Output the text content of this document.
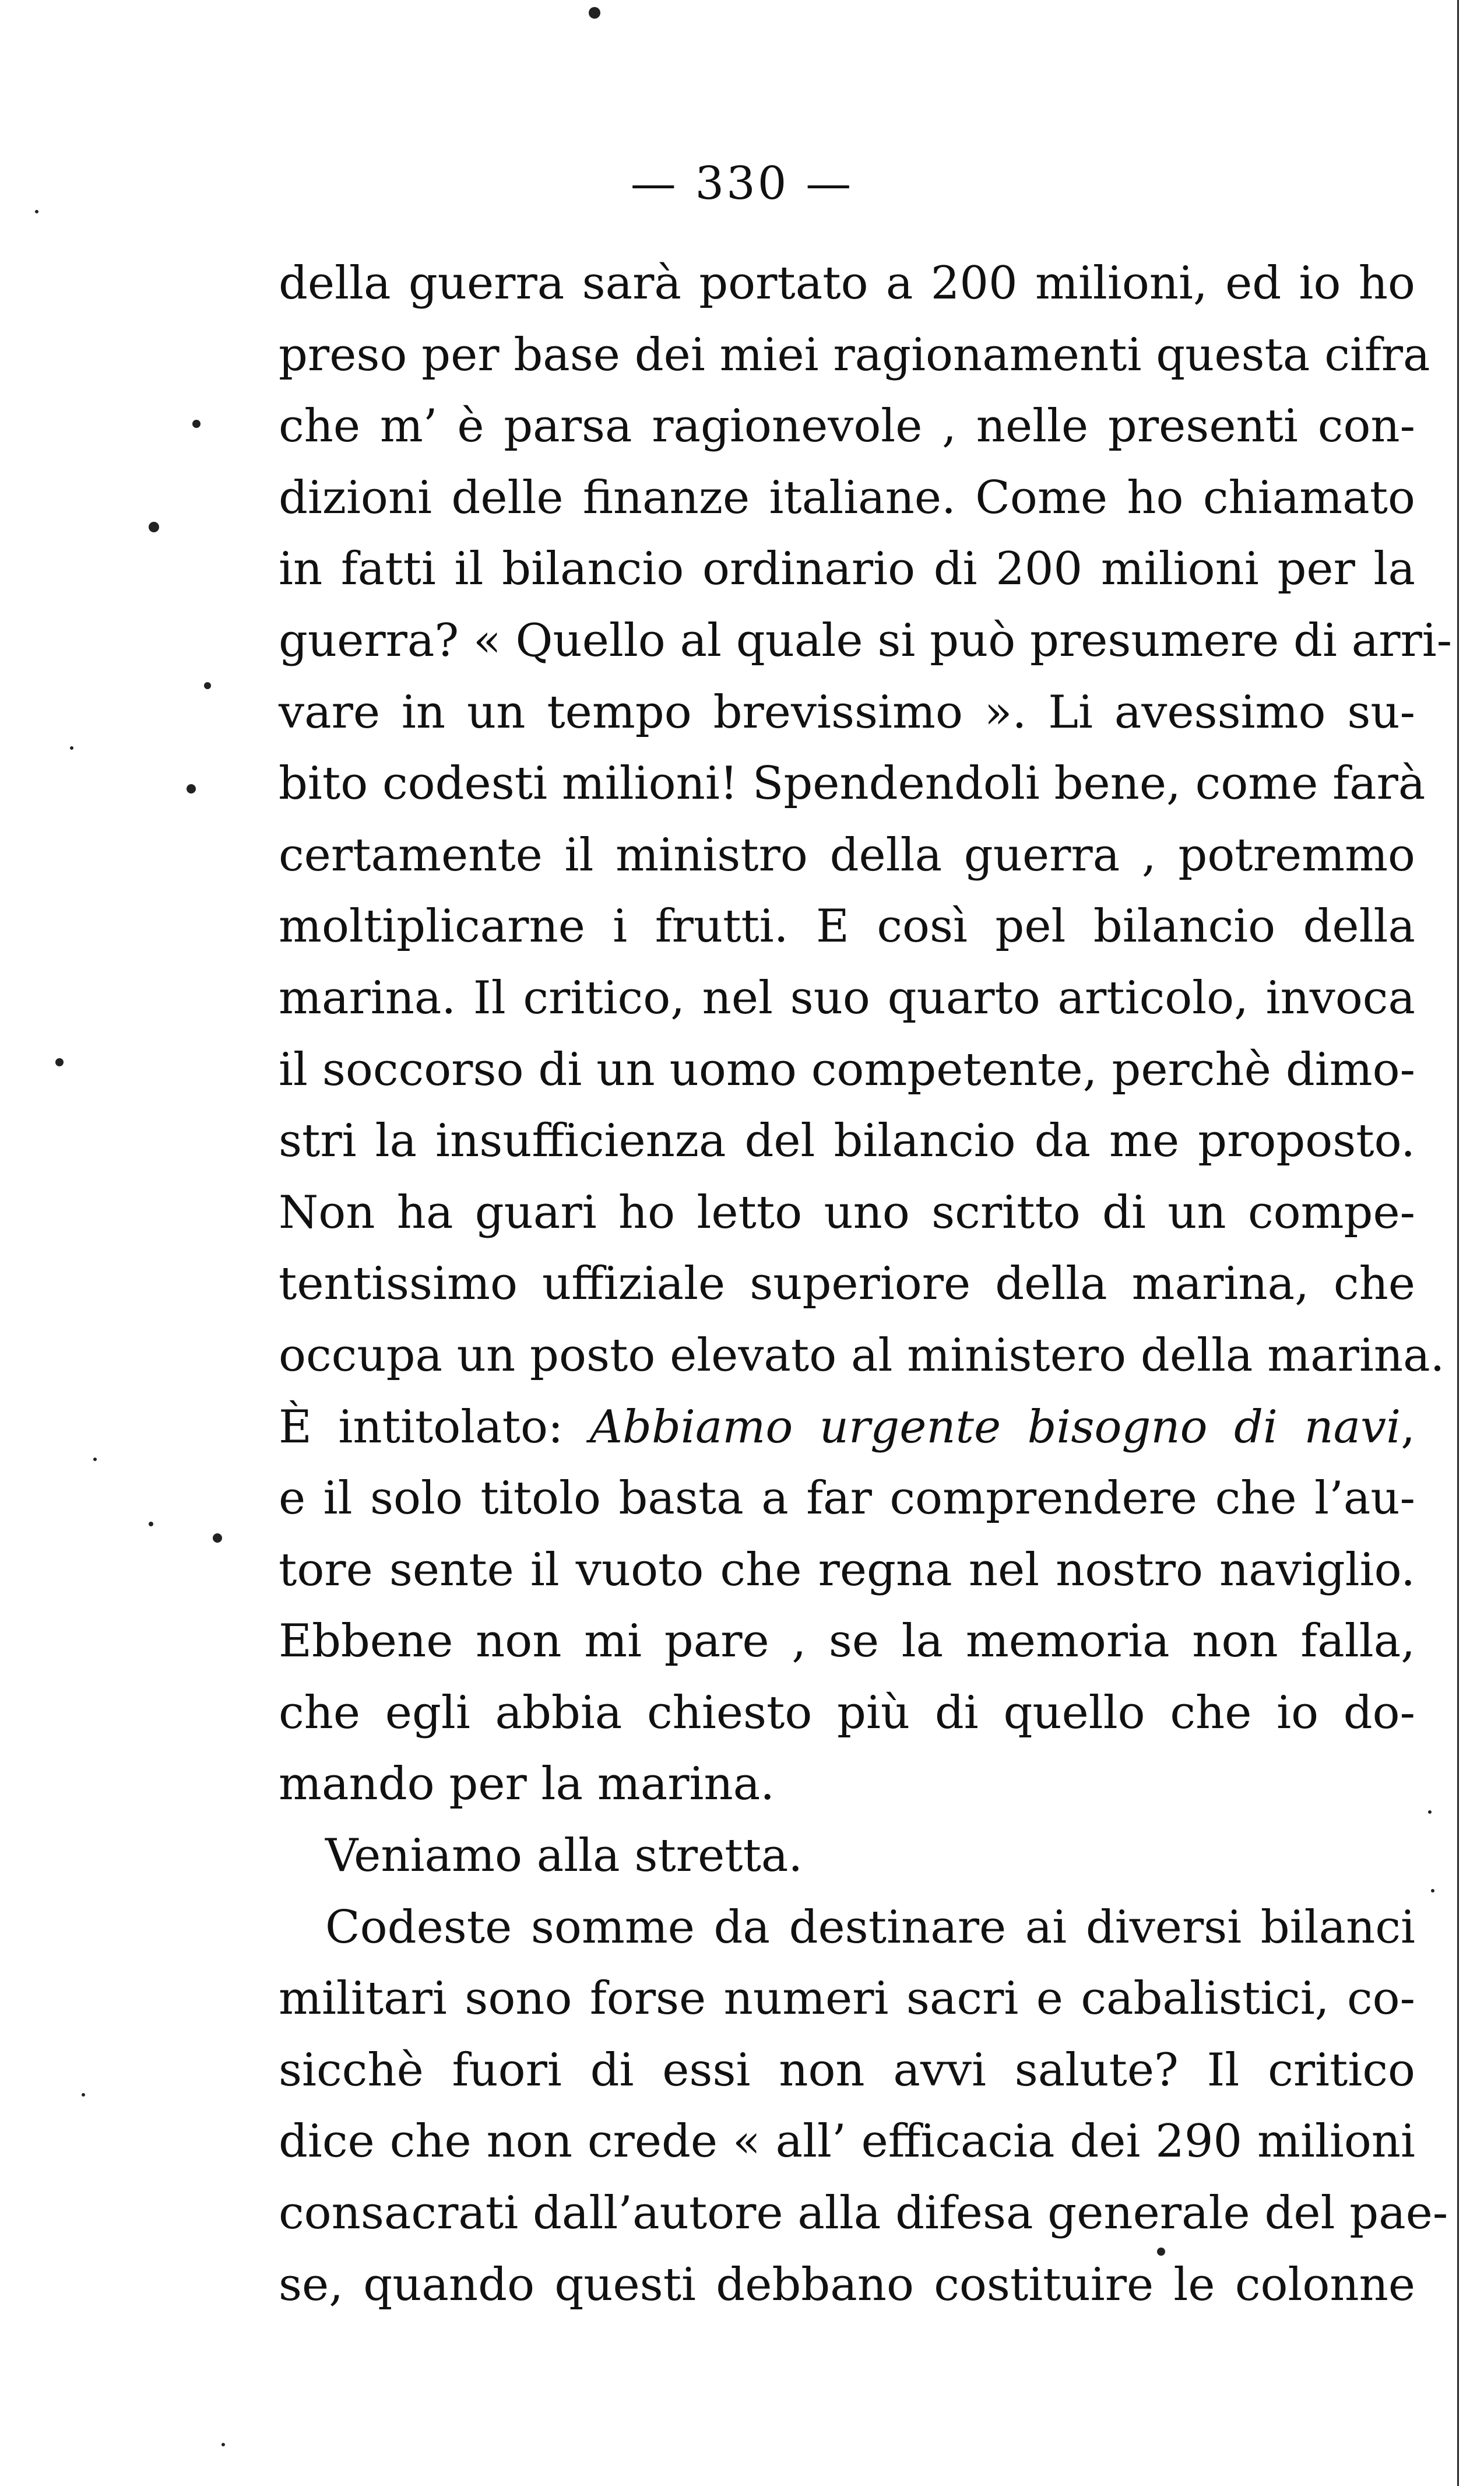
— 330 —
della guerra sarà portato a 200 milioni, ed io ho
preso per base dei miei ragionamenti questa cifra
che m’ è parsa ragionevole , nelle presenti con-
dizioni delle finanze italiane. Come ho chiamato
in fatti il bilancio ordinario di 200 milioni per la
guerra? « Quello al quale si può presumere di arri-
vare in un tempo brevissimo ». Li avessimo su-
bito codesti milioni! Spendendoli bene, come farà
certamente il ministro della guerra , potremmo
moltiplicarne i frutti. E così pel bilancio della
marina. Il critico, nel suo quarto articolo, invoca
il soccorso di un uomo competente, perchè dimo-
stri la insufficienza del bilancio da me proposto.
Non ha guari ho letto uno scritto di un compe-
tentissimo uffiziale superiore della marina, che
occupa un posto elevato al ministero della marina.
È intitolato: Abbiamo urgente bisogno di navi,
e il solo titolo basta a far comprendere che l’au-
tore sente il vuoto che regna nel nostro naviglio.
Ebbene non mi pare , se la memoria non falla,
che egli abbia chiesto più di quello che io do-
mando per la marina.
Veniamo alla stretta.
Codeste somme da destinare ai diversi bilanci
militari sono forse numeri sacri e cabalistici, co-
sicchè fuori di essi non avvi salute? Il critico
dice che non crede « all’ efficacia dei 290 milioni
consacrati dall’autore alla difesa generale del pae-
se, quando questi debbano costituire le colonne
